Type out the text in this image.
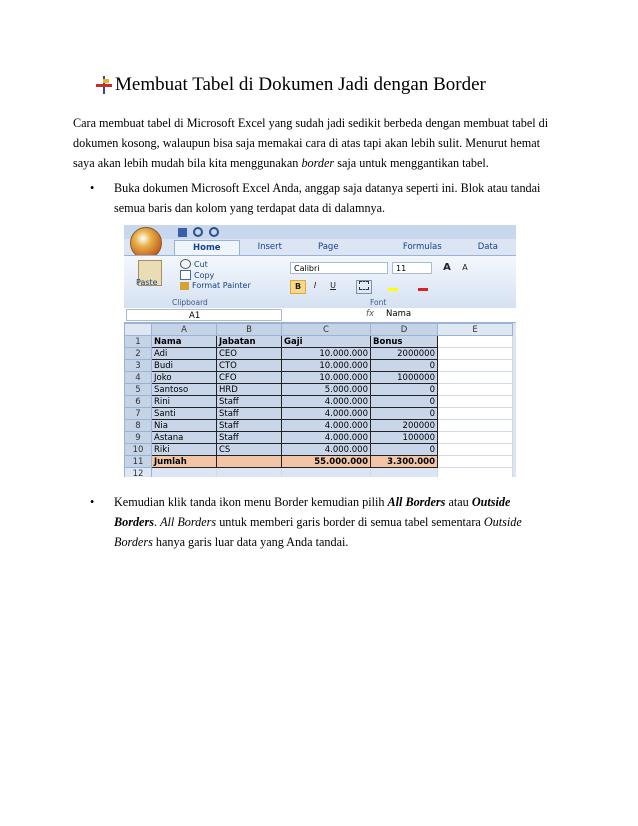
Membuat Tabel di Dokumen Jadi dengan Border
Cara membuat tabel di Microsoft Excel yang sudah jadi sedikit berbeda dengan membuat tabel di
dokumen kosong, walaupun bisa saja memakai cara di atas tapi akan lebih sulit. Menurut hemat
saya akan lebih mudah bila kita menggunakan border saja untuk menggantikan tabel.
• Buka dokumen Microsoft Excel Anda, anggap saja datanya seperti ini. Blok atau tandai
semua baris dan kolom yang terdapat data di dalamnya.
Home	Insert	Page	Formulas	Data
Paste
Cut
Copy
Format Painter
Clipboard
Calibri	11	A	A
B	I	U
Font
A1	fx Nama
	A	B	C	D	E
1	Nama	Jabatan	Gaji	Bonus	
2	Adi	CEO	10.000.000	2000000	
3	Budi	CTO	10.000.000	0	
4	Joko	CFO	10.000.000	1000000	
5	Santoso	HRD	5.000.000	0	
6	Rini	Staff	4.000.000	0	
7	Santi	Staff	4.000.000	0	
8	Nia	Staff	4.000.000	200000	
9	Astana	Staff	4.000.000	100000	
10	Riki	CS	4.000.000	0	
11	Jumlah		55.000.000	3.300.000	
12					
• Kemudian klik tanda ikon menu Border kemudian pilih All Borders atau Outside
Borders. All Borders untuk memberi garis border di semua tabel sementara Outside
Borders hanya garis luar data yang Anda tandai.
